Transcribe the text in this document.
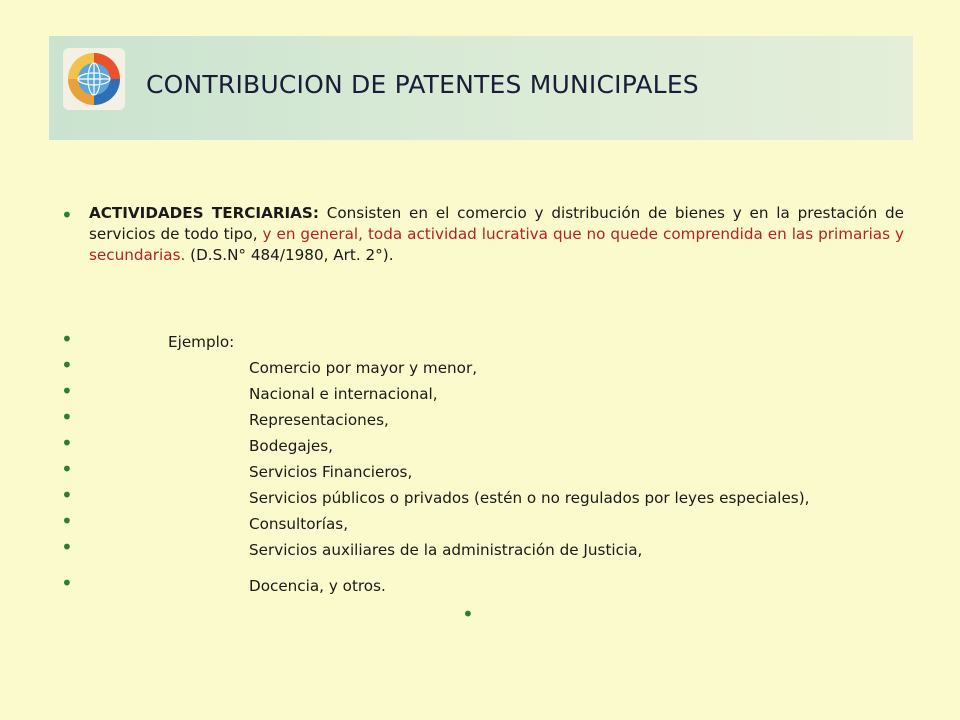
CONTRIBUCION DE PATENTES MUNICIPALES
• ACTIVIDADES TERCIARIAS: Consisten en el comercio y distribución de bienes y en la prestación de servicios de todo tipo, y en general, toda actividad lucrativa que no quede comprendida en las primarias y secundarias. (D.S.N° 484/1980, Art. 2°).
•	Ejemplo:
•	Comercio por mayor y menor,
•	Nacional e internacional,
•	Representaciones,
•	Bodegajes,
•	Servicios Financieros,
•	Servicios públicos o privados (estén o no regulados por leyes especiales),
•	Consultorías,
•	Servicios auxiliares de la administración de Justicia,
•	Docencia, y otros.
•
